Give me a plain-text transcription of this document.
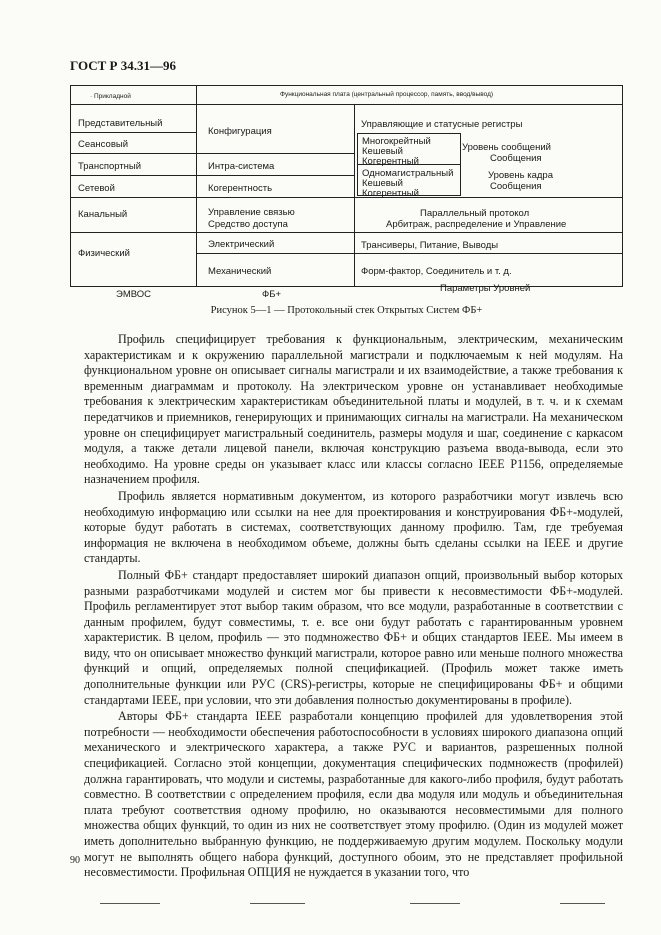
ГОСТ Р 34.31—96
· Прикладной	Функциональная плата (центральный процессор, память, ввод/вывод)
Представительный
Сеансовый
Транспортный
Сетевой
Канальный
Физический
Конфигурация
Интра-система
Когерентность
Управление связью
Средство доступа
Электрический
Механический
Управляющие и статусные регистры
Многокрейтный
Кешевый
Когерентный
Уровень сообщений
Сообщения
Одномагистральный
Кешевый
Когерентный
Уровень кадра
Сообщения
Параллельный протокол
Арбитраж, распределение и Управление
Трансиверы, Питание, Выводы
Форм-фактор, Соединитель и т. д.
ЭМВОС	ФБ+
Параметры Уровней
Рисунок 5—1 — Протокольный стек Открытых Систем ФБ+

Профиль специфицирует требования к функциональным, электрическим, механическим характеристикам и к окружению параллельной магистрали и подключаемым к ней модулям. На функциональном уровне он описывает сигналы магистрали и их взаимодействие, а также требования к временным диаграммам и протоколу. На электрическом уровне он устанавливает необходимые требования к электрическим характеристикам объединительной платы и модулей, в т. ч. и к схемам передатчиков и приемников, генерирующих и принимающих сигналы на магистрали. На механическом уровне он специфицирует магистральный соединитель, размеры модуля и шаг, соединение с каркасом модуля, а также детали лицевой панели, включая конструкцию разъема ввода-вывода, если это необходимо. На уровне среды он указывает класс или классы согласно IEEE P1156, определяемые назначением профиля.

Профиль является нормативным документом, из которого разработчики могут извлечь всю необходимую информацию или ссылки на нее для проектирования и конструирования ФБ+-модулей, которые будут работать в системах, соответствующих данному профилю. Там, где требуемая информация не включена в необходимом объеме, должны быть сделаны ссылки на IEEE и другие стандарты.

Полный ФБ+ стандарт предоставляет широкий диапазон опций, произвольный выбор которых разными разработчиками модулей и систем мог бы привести к несовместимости ФБ+-модулей. Профиль регламентирует этот выбор таким образом, что все модули, разработанные в соответствии с данным профилем, будут совместимы, т. е. все они будут работать с гарантированным уровнем характеристик. В целом, профиль — это подмножество ФБ+ и общих стандартов IEEE. Мы имеем в виду, что он описывает множество функций магистрали, которое равно или меньше полного множества функций и опций, определяемых полной спецификацией. (Профиль может также иметь дополнительные функции или РУС (CRS)-регистры, которые не специфицированы ФБ+ и общими стандартами IEEE, при условии, что эти добавления полностью документированы в профиле).

Авторы ФБ+ стандарта IEEE разработали концепцию профилей для удовлетворения этой потребности — необходимости обеспечения работоспособности в условиях широкого диапазона опций механического и электрического характера, а также РУС и вариантов, разрешенных полной спецификацией. Согласно этой концепции, документация специфических подмножеств (профилей) должна гарантировать, что модули и системы, разработанные для какого-либо профиля, будут работать совместно. В соответствии с определением профиля, если два модуля или модуль и объединительная плата требуют соответствия одному профилю, но оказываются несовместимыми для полного множества общих функций, то один из них не соответствует этому профилю. (Один из модулей может иметь дополнительно выбранную функцию, не поддерживаемую другим модулем. Поскольку модули могут не выполнять общего набора функций, доступного обоим, это не представляет профильной несовместимости. Профильная ОПЦИЯ не нуждается в указании того, что

90
